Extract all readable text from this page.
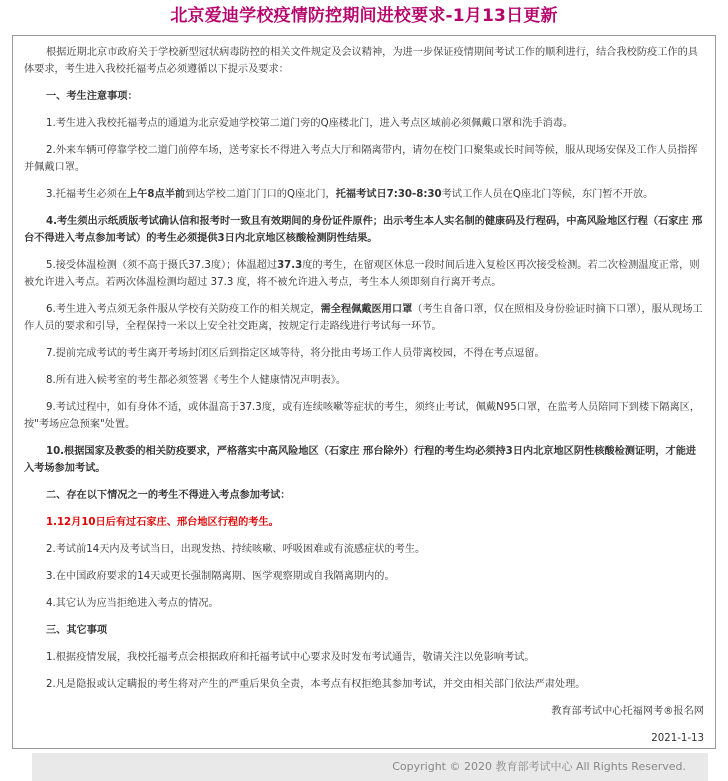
北京爱迪学校疫情防控期间进校要求-1月13日更新

根据近期北京市政府关于学校新型冠状病毒防控的相关文件规定及会议精神，为进一步保证疫情期间考试工作的顺利进行，结合我校防疫工作的具体要求，考生进入我校托福考点必须遵循以下提示及要求：

一、考生注意事项：

1.考生进入我校托福考点的通道为北京爱迪学校第二道门旁的Q座楼北门，进入考点区域前必须佩戴口罩和洗手消毒。

2.外来车辆可停靠学校二道门前停车场，送考家长不得进入考点大厅和隔离带内，请勿在校门口聚集或长时间等候，服从现场安保及工作人员指挥并佩戴口罩。

3.托福考生必须在上午8点半前到达学校二道门门口的Q座北门，托福考试日7:30-8:30考试工作人员在Q座北门等候，东门暂不开放。

4.考生须出示纸质版考试确认信和报考时一致且有效期间的身份证件原件；出示考生本人实名制的健康码及行程码，中高风险地区行程（石家庄 邢台不得进入考点参加考试）的考生必须提供3日内北京地区核酸检测阴性结果。

5.接受体温检测（须不高于摄氏37.3度）；体温超过37.3度的考生，在留观区休息一段时间后进入复检区再次接受检测。若二次检测温度正常，则被允许进入考点。若两次体温检测均超过 37.3 度，将不被允许进入考点，考生本人须即刻自行离开考点。

6.考生进入考点须无条件服从学校有关防疫工作的相关规定，需全程佩戴医用口罩（考生自备口罩，仅在照相及身份验证时摘下口罩），服从现场工作人员的要求和引导，全程保持一米以上安全社交距离，按规定行走路线进行考试每一环节。

7.提前完成考试的考生离开考场封闭区后到指定区域等待，将分批由考场工作人员带离校园，不得在考点逗留。

8.所有进入候考室的考生都必须签署《考生个人健康情况声明表》。

9.考试过程中，如有身体不适，或体温高于37.3度，或有连续咳嗽等症状的考生，须终止考试，佩戴N95口罩，在监考人员陪同下到楼下隔离区，按"考场应急预案"处置。

10.根据国家及教委的相关防疫要求，严格落实中高风险地区（石家庄 邢台除外）行程的考生均必须持3日内北京地区阴性核酸检测证明，才能进入考场参加考试。

二、存在以下情况之一的考生不得进入考点参加考试：

1.12月10日后有过石家庄、邢台地区行程的考生。

2.考试前14天内及考试当日，出现发热、持续咳嗽、呼吸困难或有流感症状的考生。

3.在中国政府要求的14天或更长强制隔离期、医学观察期或自我隔离期内的。

4.其它认为应当拒绝进入考点的情况。

三、其它事项

1.根据疫情发展，我校托福考点会根据政府和托福考试中心要求及时发布考试通告，敬请关注以免影响考试。

2.凡是隐报或认定瞒报的考生将对产生的严重后果负全责，本考点有权拒绝其参加考试，并交由相关部门依法严肃处理。

教育部考试中心托福网考®报名网

2021-1-13

Copyright © 2020 教育部考试中心 All Rights Reserved.
